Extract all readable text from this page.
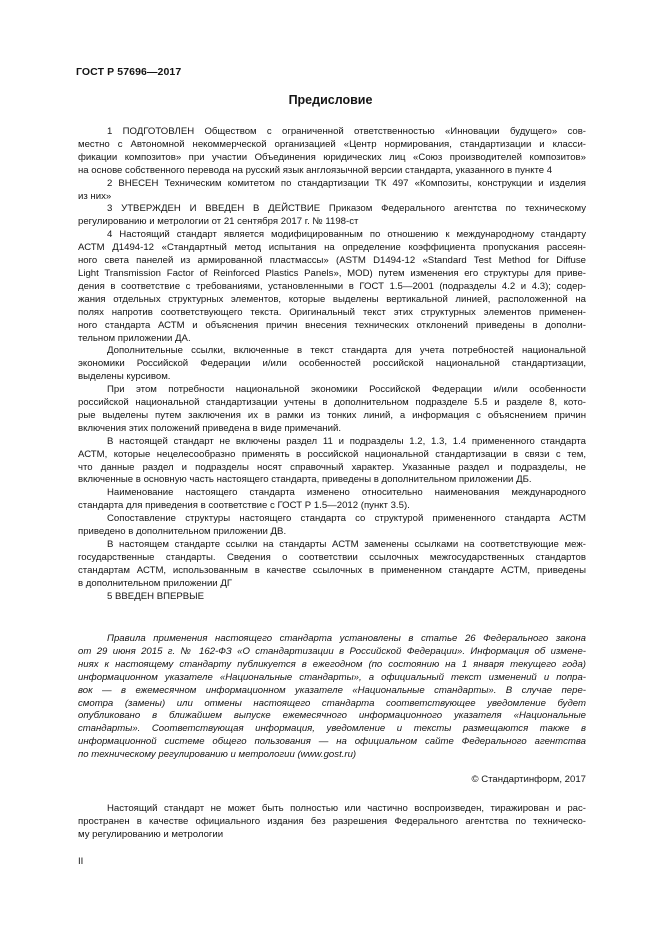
ГОСТ Р 57696—2017
Предисловие
1 ПОДГОТОВЛЕН Обществом с ограниченной ответственностью «Инновации будущего» сов-
местно с Автономной некоммерческой организацией «Центр нормирования, стандартизации и класси-
фикации композитов» при участии Объединения юридических лиц «Союз производителей композитов»
на основе собственного перевода на русский язык англоязычной версии стандарта, указанного в пункте 4
2 ВНЕСЕН Техническим комитетом по стандартизации ТК 497 «Композиты, конструкции и изделия
из них»
3 УТВЕРЖДЕН И ВВЕДЕН В ДЕЙСТВИЕ Приказом Федерального агентства по техническому
регулированию и метрологии от 21 сентября 2017 г. № 1198-ст
4 Настоящий стандарт является модифицированным по отношению к международному стандарту
АСТМ Д1494-12 «Стандартный метод испытания на определение коэффициента пропускания рассеян-
ного света панелей из армированной пластмассы» (ASTM D1494-12 «Standard Test Method for Diffuse
Light Transmission Factor of Reinforced Plastics Panels», MOD) путем изменения его структуры для приве-
дения в соответствие с требованиями, установленными в ГОСТ 1.5—2001 (подразделы 4.2 и 4.3); содер-
жания отдельных структурных элементов, которые выделены вертикальной линией, расположенной на
полях напротив соответствующего текста. Оригинальный текст этих структурных элементов применен-
ного стандарта АСТМ и объяснения причин внесения технических отклонений приведены в дополни-
тельном приложении ДА.
Дополнительные ссылки, включенные в текст стандарта для учета потребностей национальной
экономики Российской Федерации и/или особенностей российской национальной стандартизации,
выделены курсивом.
При этом потребности национальной экономики Российской Федерации и/или особенности
российской национальной стандартизации учтены в дополнительном подразделе 5.5 и разделе 8, кото-
рые выделены путем заключения их в рамки из тонких линий, а информация с объяснением причин
включения этих положений приведена в виде примечаний.
В настоящей стандарт не включены раздел 11 и подразделы 1.2, 1.3, 1.4 примененного стандарта
АСТМ, которые нецелесообразно применять в российской национальной стандартизации в связи с тем,
что данные раздел и подразделы носят справочный характер. Указанные раздел и подразделы, не
включенные в основную часть настоящего стандарта, приведены в дополнительном приложении ДБ.
Наименование настоящего стандарта изменено относительно наименования международного
стандарта для приведения в соответствие с ГОСТ Р 1.5—2012 (пункт 3.5).
Сопоставление структуры настоящего стандарта со структурой примененного стандарта АСТМ
приведено в дополнительном приложении ДВ.
В настоящем стандарте ссылки на стандарты АСТМ заменены ссылками на соответствующие меж-
государственные стандарты. Сведения о соответствии ссылочных межгосударственных стандартов
стандартам АСТМ, использованным в качестве ссылочных в примененном стандарте АСТМ, приведены
в дополнительном приложении ДГ
5 ВВЕДЕН ВПЕРВЫЕ
Правила применения настоящего стандарта установлены в статье 26 Федерального закона
от 29 июня 2015 г. № 162-ФЗ «О стандартизации в Российской Федерации». Информация об измене-
ниях к настоящему стандарту публикуется в ежегодном (по состоянию на 1 января текущего года)
информационном указателе «Национальные стандарты», а официальный текст изменений и попра-
вок — в ежемесячном информационном указателе «Национальные стандарты». В случае пере-
смотра (замены) или отмены настоящего стандарта соответствующее уведомление будет
опубликовано в ближайшем выпуске ежемесячного информационного указателя «Национальные
стандарты». Соответствующая информация, уведомление и тексты размещаются также в
информационной системе общего пользования — на официальном сайте Федерального агентства
по техническому регулированию и метрологии (www.gost.ru)
© Стандартинформ, 2017
Настоящий стандарт не может быть полностью или частично воспроизведен, тиражирован и рас-
пространен в качестве официального издания без разрешения Федерального агентства по техническо-
му регулированию и метрологии
II
